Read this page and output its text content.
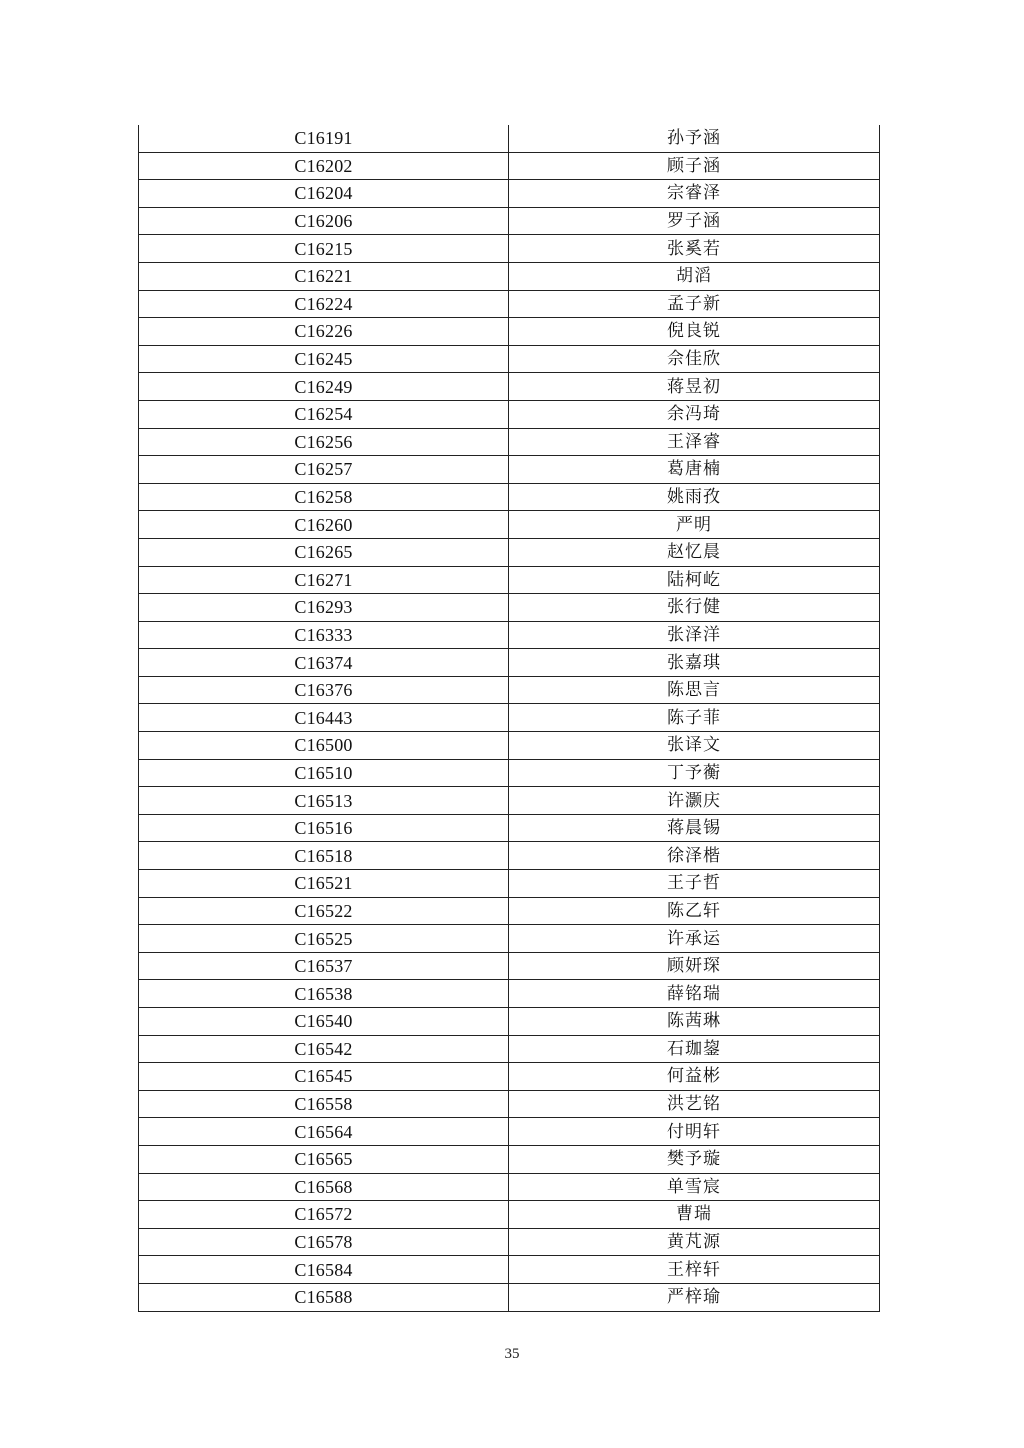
C16191	孙予涵
C16202	顾子涵
C16204	宗睿泽
C16206	罗子涵
C16215	张奚若
C16221	胡滔
C16224	孟子新
C16226	倪良锐
C16245	佘佳欣
C16249	蒋昱初
C16254	余冯琦
C16256	王泽睿
C16257	葛唐楠
C16258	姚雨孜
C16260	严明
C16265	赵忆晨
C16271	陆柯屹
C16293	张行健
C16333	张泽洋
C16374	张嘉琪
C16376	陈思言
C16443	陈子菲
C16500	张译文
C16510	丁予蘅
C16513	许灏庆
C16516	蒋晨锡
C16518	徐泽楷
C16521	王子哲
C16522	陈乙轩
C16525	许承运
C16537	顾妍琛
C16538	薛铭瑞
C16540	陈茜琳
C16542	石珈鋆
C16545	何益彬
C16558	洪艺铭
C16564	付明轩
C16565	樊予璇
C16568	单雪宸
C16572	曹瑞
C16578	黄芃源
C16584	王梓轩
C16588	严梓瑜
35
